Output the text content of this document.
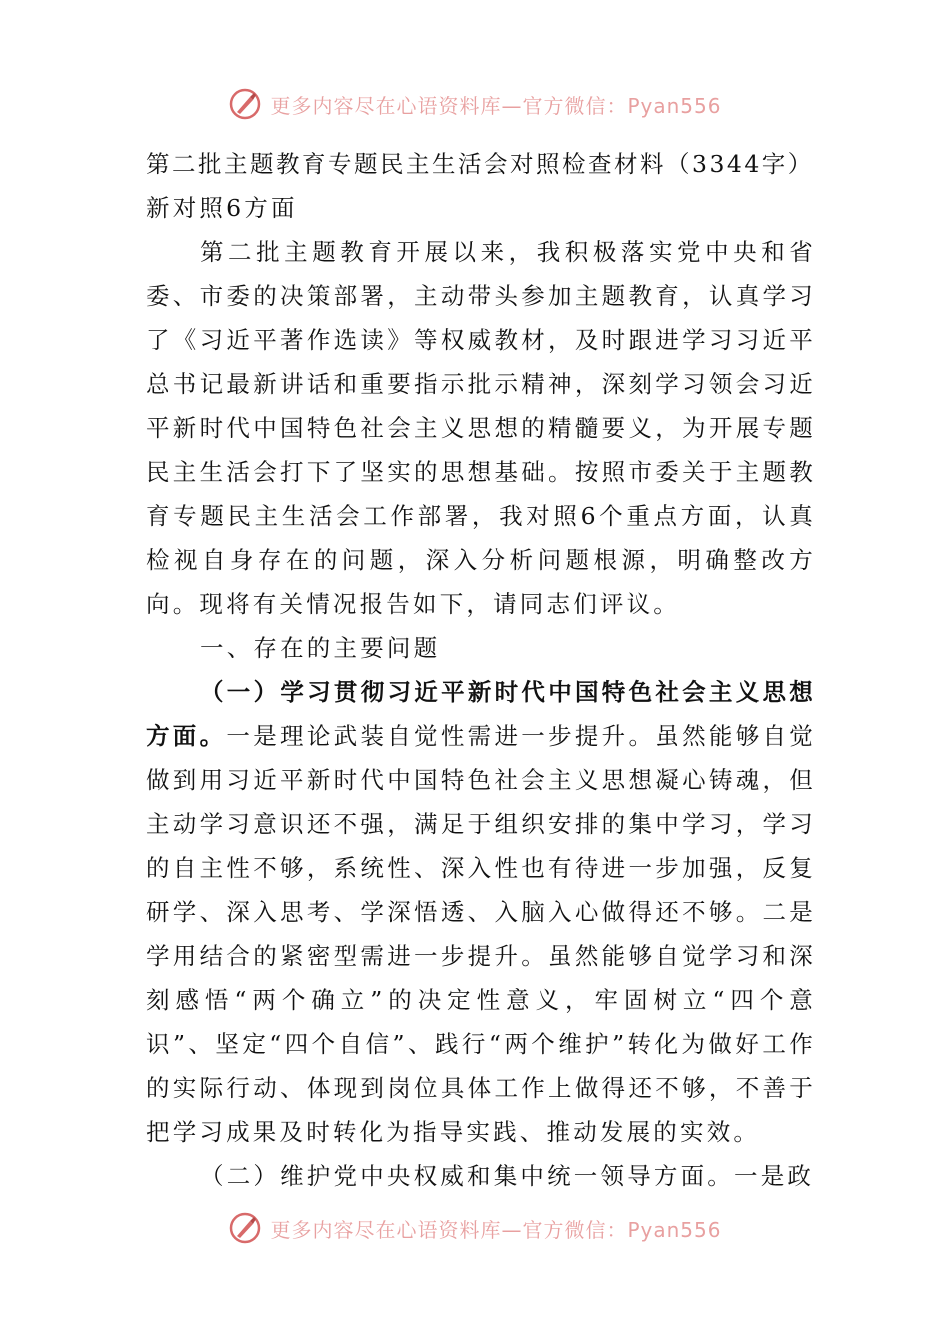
更多内容尽在心语资料库—官方微信：Pyan556

第二批主题教育专题民主生活会对照检查材料（3344字）

新对照6方面

第二批主题教育开展以来，我积极落实党中央和省委、市委的决策部署，主动带头参加主题教育，认真学习了《习近平著作选读》等权威教材，及时跟进学习习近平总书记最新讲话和重要指示批示精神，深刻学习领会习近平新时代中国特色社会主义思想的精髓要义，为开展专题民主生活会打下了坚实的思想基础。按照市委关于主题教育专题民主生活会工作部署，我对照6个重点方面，认真检视自身存在的问题，深入分析问题根源，明确整改方向。现将有关情况报告如下，请同志们评议。

一、存在的主要问题

（一）学习贯彻习近平新时代中国特色社会主义思想方面。一是理论武装自觉性需进一步提升。虽然能够自觉做到用习近平新时代中国特色社会主义思想凝心铸魂，但主动学习意识还不强，满足于组织安排的集中学习，学习的自主性不够，系统性、深入性也有待进一步加强，反复研学、深入思考、学深悟透、入脑入心做得还不够。二是学用结合的紧密型需进一步提升。虽然能够自觉学习和深刻感悟“两个确立”的决定性意义，牢固树立“四个意识”、坚定“四个自信”、践行“两个维护”转化为做好工作的实际行动、体现到岗位具体工作上做得还不够，不善于把学习成果及时转化为指导实践、推动发展的实效。

（二）维护党中央权威和集中统一领导方面。一是政

更多内容尽在心语资料库—官方微信：Pyan556
